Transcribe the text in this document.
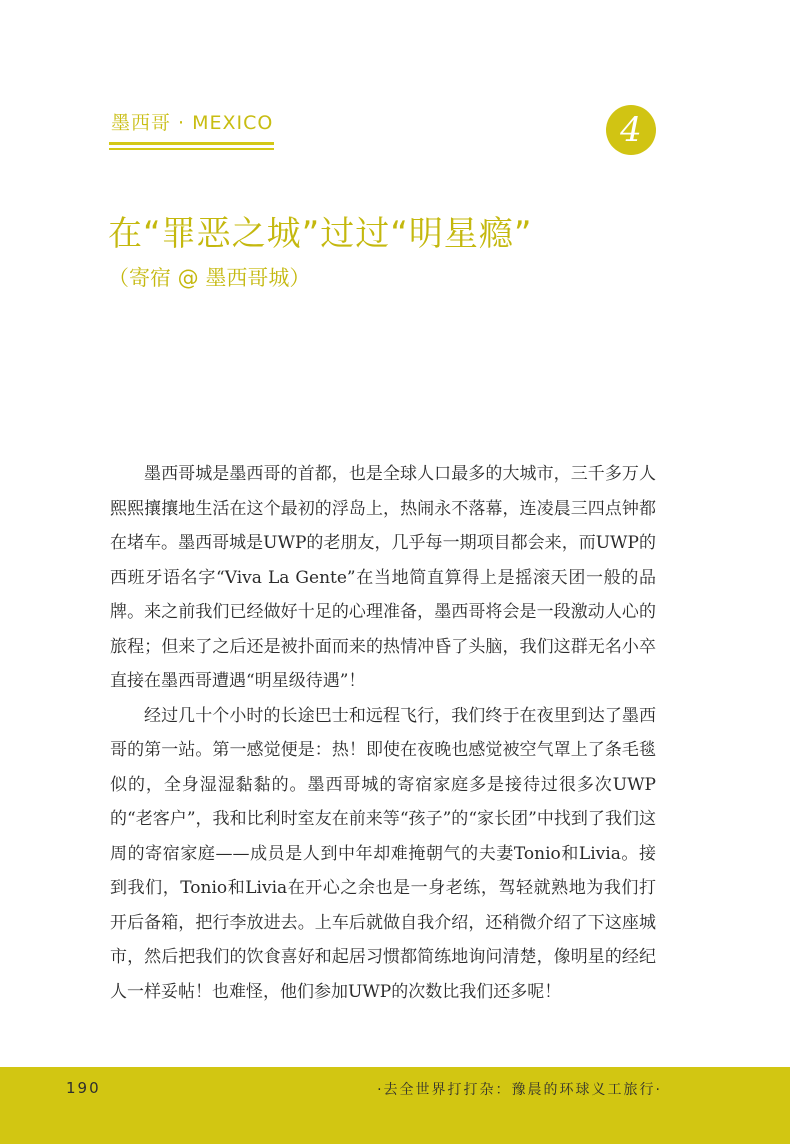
墨西哥 · MEXICO	4
在“罪恶之城”过过“明星瘾”
（寄宿 @ 墨西哥城）

墨西哥城是墨西哥的首都，也是全球人口最多的大城市，三千多万人熙熙攘攘地生活在这个最初的浮岛上，热闹永不落幕，连凌晨三四点钟都在堵车。墨西哥城是UWP的老朋友，几乎每一期项目都会来，而UWP的西班牙语名字“Viva La Gente”在当地简直算得上是摇滚天团一般的品牌。来之前我们已经做好十足的心理准备，墨西哥将会是一段激动人心的旅程；但来了之后还是被扑面而来的热情冲昏了头脑，我们这群无名小卒直接在墨西哥遭遇“明星级待遇”！

经过几十个小时的长途巴士和远程飞行，我们终于在夜里到达了墨西哥的第一站。第一感觉便是：热！即使在夜晚也感觉被空气罩上了条毛毯似的，全身湿湿黏黏的。墨西哥城的寄宿家庭多是接待过很多次UWP的“老客户”，我和比利时室友在前来等“孩子”的“家长团”中找到了我们这周的寄宿家庭——成员是人到中年却难掩朝气的夫妻Tonio和Livia。接到我们，Tonio和Livia在开心之余也是一身老练，驾轻就熟地为我们打开后备箱，把行李放进去。上车后就做自我介绍，还稍微介绍了下这座城市，然后把我们的饮食喜好和起居习惯都简练地询问清楚，像明星的经纪人一样妥帖！也难怪，他们参加UWP的次数比我们还多呢！

190	·去全世界打打杂：豫晨的环球义工旅行·
